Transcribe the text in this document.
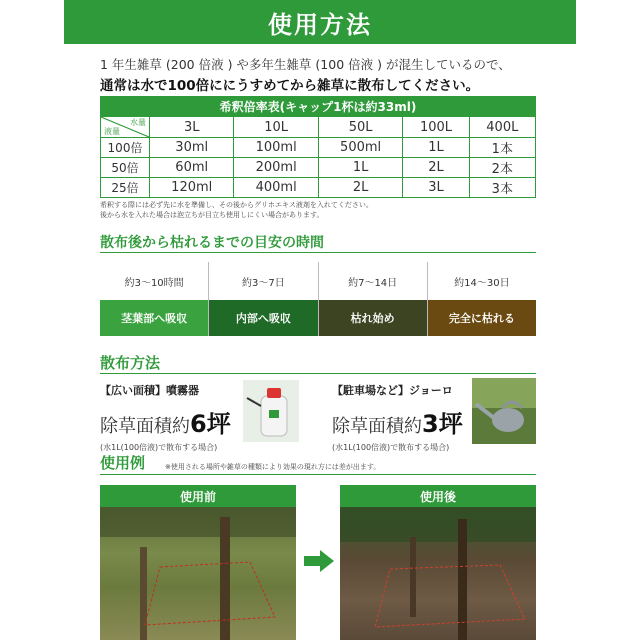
使用方法
1 年生雑草 (200 倍液 ) や多年生雑草 (100 倍液 ) が混生しているので、
通常は水で100倍ににうすめてから雑草に散布してください。
希釈倍率表(キャップ1杯は約33ml)					

水量
液量	3L	10L	50L	100L	400L
100倍	30ml	100ml	500ml	1L	1本
50倍	60ml	200ml	1L	2L	2本
25倍	120ml	400ml	2L	3L	3本
希釈する際には必ず先に水を準備し、その後からグリホエキス液剤を入れてください。
後から水を入れた場合は泡立ちが目立ち使用しにくい場合があります。
散布後から枯れるまでの目安の時間
約3～10時間
茎葉部へ吸収
約3～7日
内部へ吸収
約7～14日
枯れ始め
約14～30日
完全に枯れる
散布方法
【広い面積】噴霧器
除草面積約6坪
(水1L(100倍液)で散布する場合)
【駐車場など】ジョーロ
除草面積約3坪
(水1L(100倍液)で散布する場合)
使用例	※使用される場所や雑草の種類により効果の現れ方には差が出ます。
使用前	使用後
